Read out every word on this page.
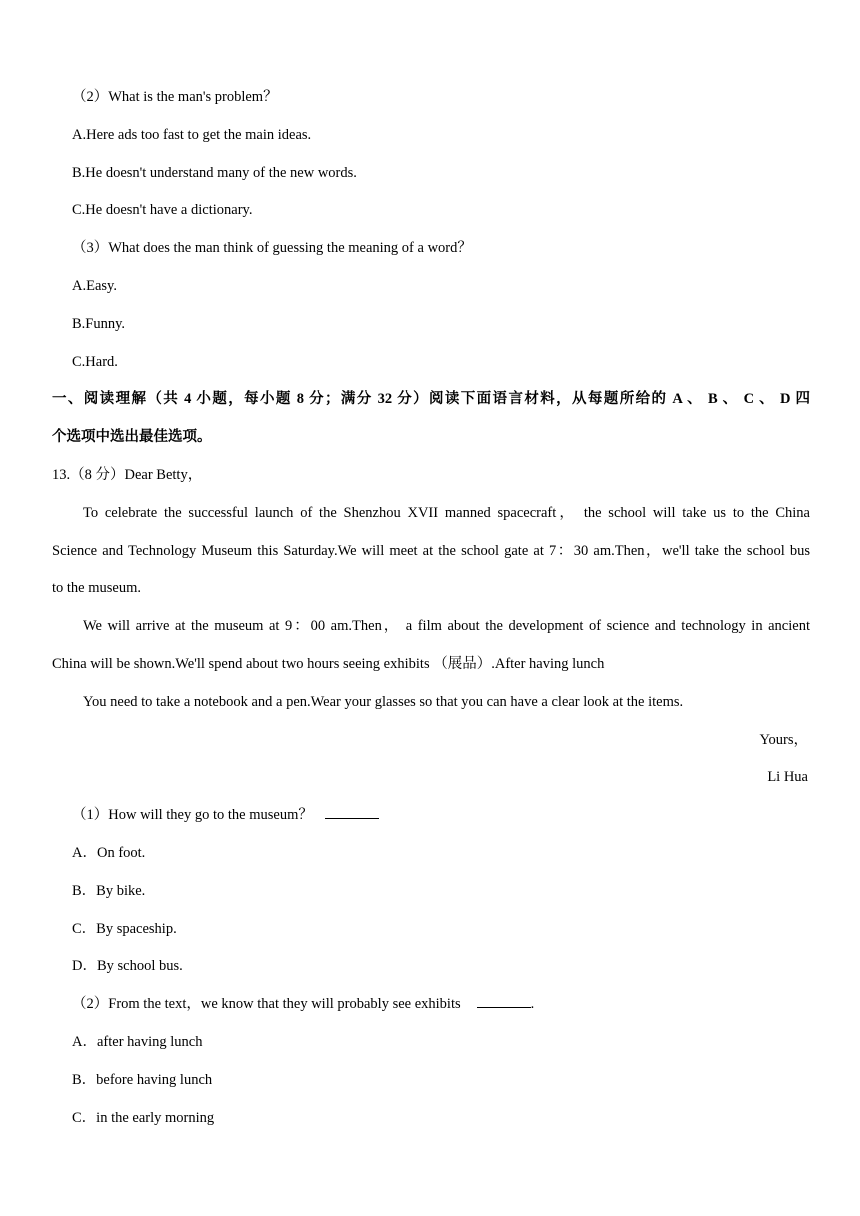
（2）What is the man's problem？
A.Here ads too fast to get the main ideas.
B.He doesn't understand many of the new words.
C.He doesn't have a dictionary.
（3）What does the man think of guessing the meaning of a word？
A.Easy.
B.Funny.
C.Hard.
一、阅读理解（共 4 小题，每小题 8 分；满分 32 分）阅读下面语言材料，从每题所给的 A 、 B 、 C 、 D 四
个选项中选出最佳选项。
13.（8 分）Dear Betty，
To celebrate the successful launch of the Shenzhou XVII manned spacecraft， the school will take us to the China
Science and Technology Museum this Saturday.We will meet at the school gate at 7：30 am.Then，we'll take the school bus
to the museum.
We will arrive at the museum at 9：00 am.Then， a film about the development of science and technology in ancient
China will be shown.We'll spend about two hours seeing exhibits （展品）.After having lunch
You need to take a notebook and a pen.Wear your glasses so that you can have a clear look at the items.
Yours，
Li Hua
（1）How will they go to the museum？
A．On foot.
B．By bike.
C．By spaceship.
D．By school bus.
（2）From the text，we know that they will probably see exhibits	.
A．after having lunch
B．before having lunch
C．in the early morning
